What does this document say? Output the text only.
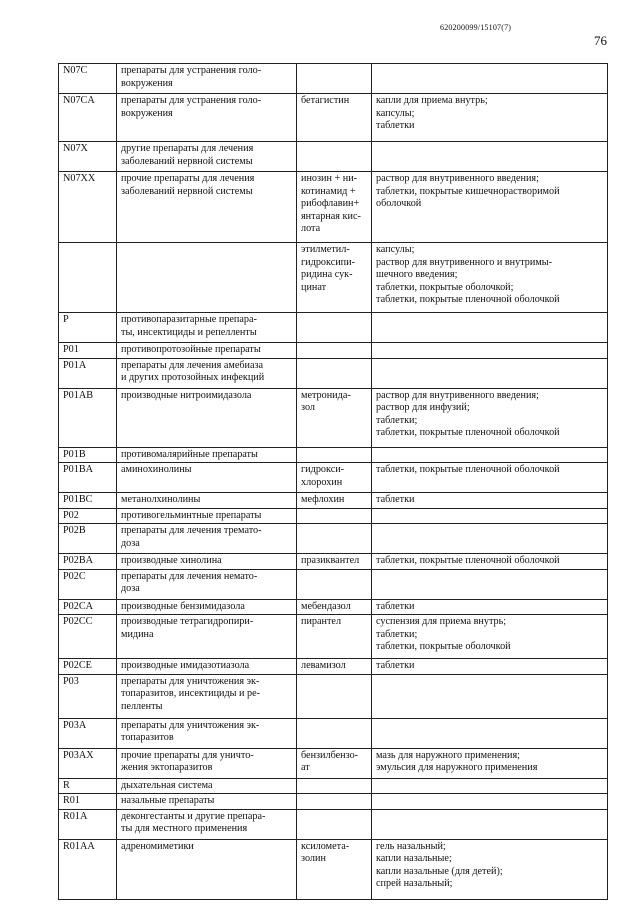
620200099/15107(7)
76
N07C	препараты для устранения голо-
вокружения		

N07CA	препараты для устранения голо-
вокружения	бетагистин	капли для приема внутрь;
капсулы;
таблетки

N07X	другие препараты для лечения
заболеваний нервной системы		

N07XX	прочие препараты для лечения
заболеваний нервной системы	инозин + ни-
котинамид +
рибофлавин+
янтарная кис-
лота	раствор для внутривенного введения;
таблетки, покрытые кишечнорастворимой
оболочкой

		этилметил-
гидроксипи-
ридина сук-
цинат	капсулы;
раствор для внутривенного и внутримы-
шечного введения;
таблетки, покрытые оболочкой;
таблетки, покрытые пленочной оболочкой

P	противопаразитарные препара-
ты, инсектициды и репелленты		

P01	противопротозойные препараты		

P01A	препараты для лечения амебиаза
и других протозойных инфекций		

P01AB	производные нитроимидазола	метронида-
зол	раствор для внутривенного введения;
раствор для инфузий;
таблетки;
таблетки, покрытые пленочной оболочкой

P01B	противомалярийные препараты		

P01BA	аминохинолины	гидрокси-
хлорохин	таблетки, покрытые пленочной оболочкой

P01BC	метанолхинолины	мефлохин	таблетки

P02	противогельминтные препараты		

P02B	препараты для лечения тремато-
доза		

P02BA	производные хинолина	празиквантел	таблетки, покрытые пленочной оболочкой

P02C	препараты для лечения немато-
доза		

P02CA	производные бензимидазола	мебендазол	таблетки

P02CC	производные тетрагидропири-
мидина	пирантел	суспензия для приема внутрь;
таблетки;
таблетки, покрытые оболочкой

P02CE	производные имидазотиазола	левамизол	таблетки

P03	препараты для уничтожения эк-
топаразитов, инсектициды и ре-
пелленты		

P03A	препараты для уничтожения эк-
топаразитов		

P03AX	прочие препараты для уничто-
жения эктопаразитов	бензилбензо-
ат	мазь для наружного применения;
эмульсия для наружного применения

R	дыхательная система		

R01	назальные препараты		

R01A	деконгестанты и другие препара-
ты для местного применения		

R01AA	адреномиметики	ксиломета-
золин	гель назальный;
капли назальные;
капли назальные (для детей);
спрей назальный;
